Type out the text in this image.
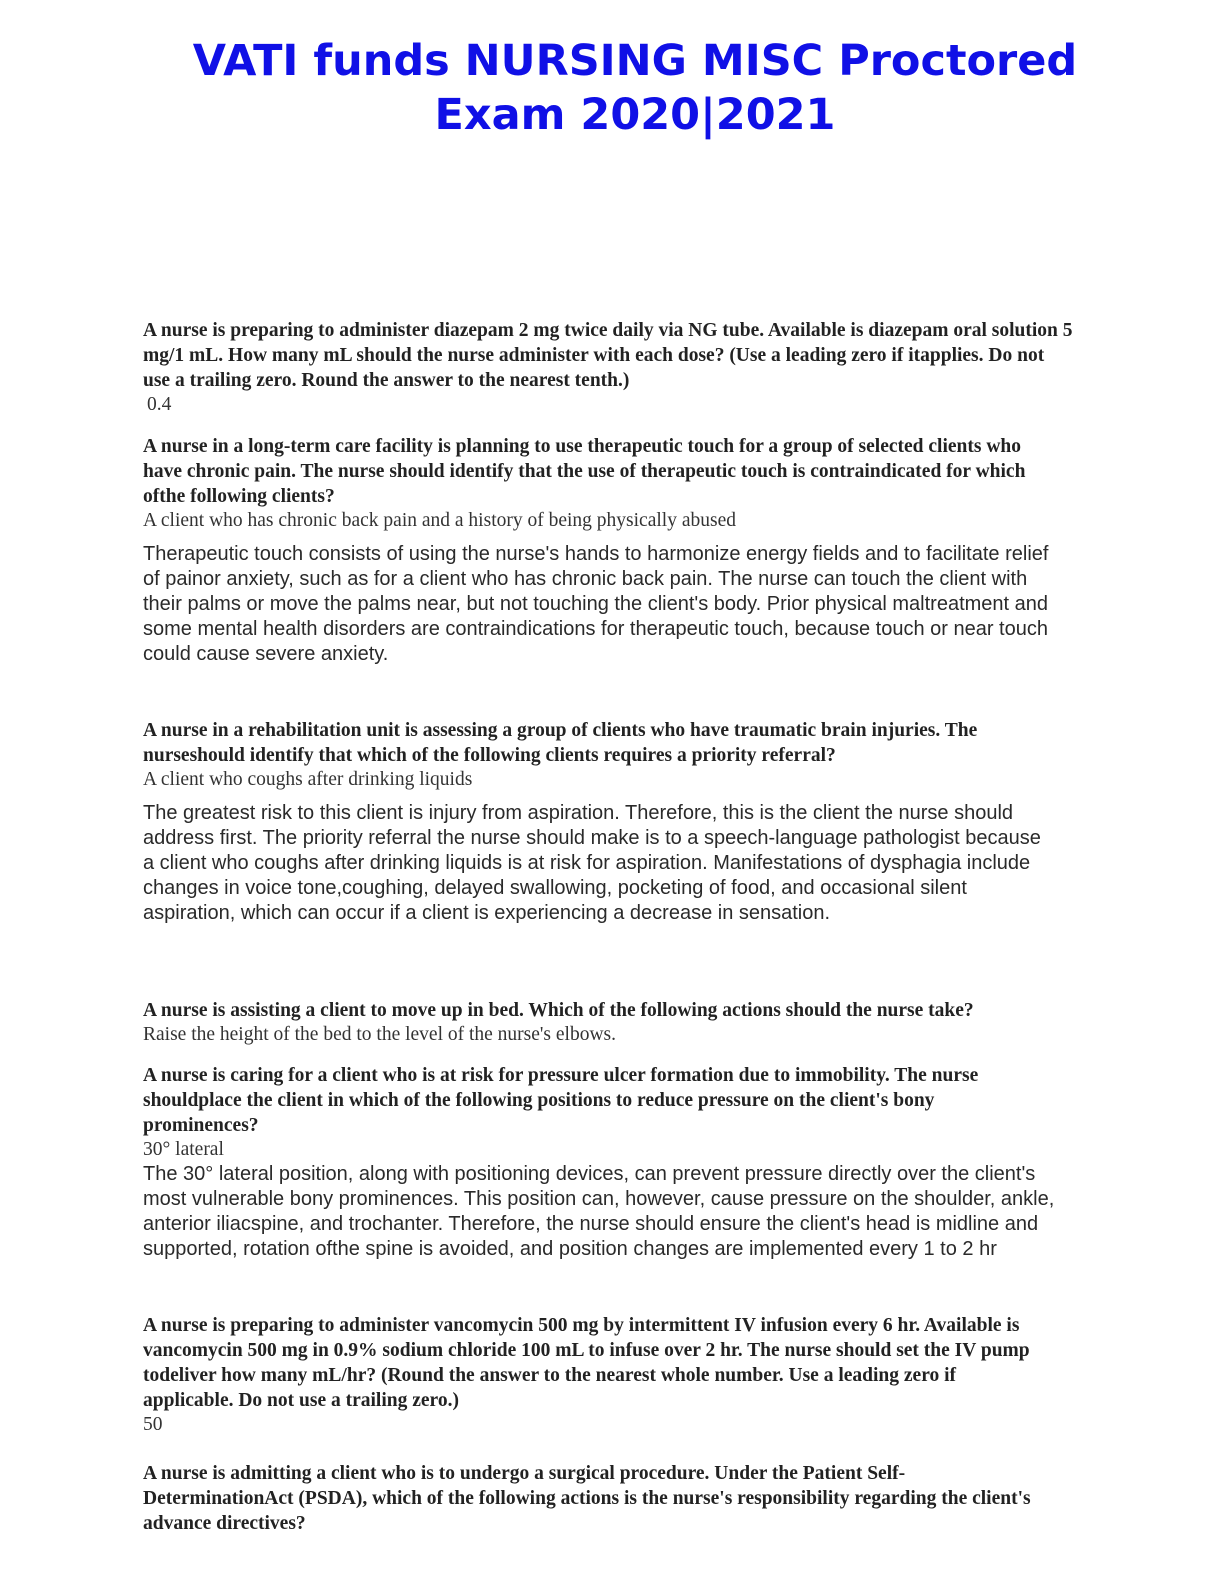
VATI funds NURSING MISC Proctored
Exam 2020|2021
A nurse is preparing to administer diazepam 2 mg twice daily via NG tube. Available is diazepam oral solution 5 mg/1 mL. How many mL should the nurse administer with each dose? (Use a leading zero if itapplies. Do not use a trailing zero. Round the answer to the nearest tenth.)
0.4
A nurse in a long-term care facility is planning to use therapeutic touch for a group of selected clients who have chronic pain. The nurse should identify that the use of therapeutic touch is contraindicated for which ofthe following clients?
A client who has chronic back pain and a history of being physically abused
Therapeutic touch consists of using the nurse's hands to harmonize energy fields and to facilitate relief of painor anxiety, such as for a client who has chronic back pain. The nurse can touch the client with their palms or move the palms near, but not touching the client's body. Prior physical maltreatment and some mental health disorders are contraindications for therapeutic touch, because touch or near touch could cause severe anxiety.
A nurse in a rehabilitation unit is assessing a group of clients who have traumatic brain injuries. The nurseshould identify that which of the following clients requires a priority referral?
A client who coughs after drinking liquids
The greatest risk to this client is injury from aspiration. Therefore, this is the client the nurse should address first. The priority referral the nurse should make is to a speech-language pathologist because a client who coughs after drinking liquids is at risk for aspiration. Manifestations of dysphagia include changes in voice tone,coughing, delayed swallowing, pocketing of food, and occasional silent aspiration, which can occur if a client is experiencing a decrease in sensation.
A nurse is assisting a client to move up in bed. Which of the following actions should the nurse take?
Raise the height of the bed to the level of the nurse's elbows.
A nurse is caring for a client who is at risk for pressure ulcer formation due to immobility. The nurse shouldplace the client in which of the following positions to reduce pressure on the client's bony prominences?
30° lateral
The 30° lateral position, along with positioning devices, can prevent pressure directly over the client's most vulnerable bony prominences. This position can, however, cause pressure on the shoulder, ankle, anterior iliacspine, and trochanter. Therefore, the nurse should ensure the client's head is midline and supported, rotation ofthe spine is avoided, and position changes are implemented every 1 to 2 hr
A nurse is preparing to administer vancomycin 500 mg by intermittent IV infusion every 6 hr. Available is vancomycin 500 mg in 0.9% sodium chloride 100 mL to infuse over 2 hr. The nurse should set the IV pump todeliver how many mL/hr? (Round the answer to the nearest whole number. Use a leading zero if applicable. Do not use a trailing zero.)
50
A nurse is admitting a client who is to undergo a surgical procedure. Under the Patient Self-DeterminationAct (PSDA), which of the following actions is the nurse's responsibility regarding the client's advance directives?
